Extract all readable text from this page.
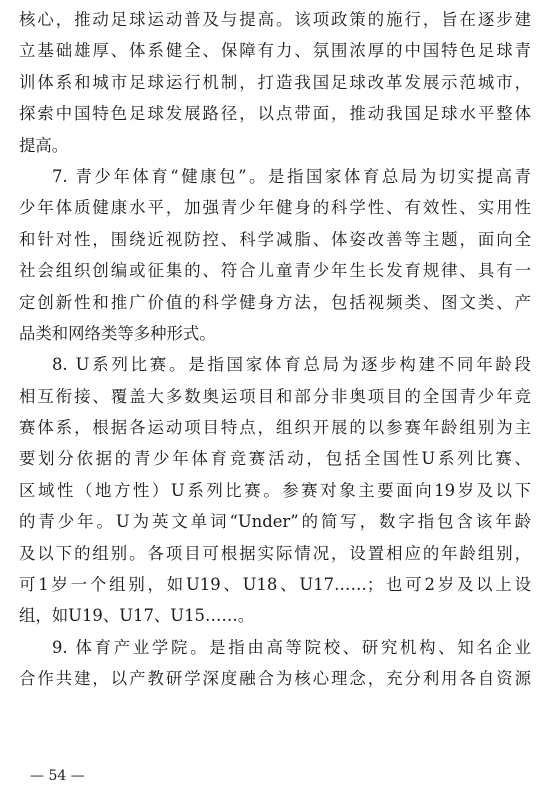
核心，推动足球运动普及与提高。该项政策的施行，旨在逐步建
立基础雄厚、体系健全、保障有力、氛围浓厚的中国特色足球青
训体系和城市足球运行机制，打造我国足球改革发展示范城市，
探索中国特色足球发展路径，以点带面，推动我国足球水平整体
提高。
7. 青少年体育“健康包”。是指国家体育总局为切实提高青
少年体质健康水平，加强青少年健身的科学性、有效性、实用性
和针对性，围绕近视防控、科学减脂、体姿改善等主题，面向全
社会组织创编或征集的、符合儿童青少年生长发育规律、具有一
定创新性和推广价值的科学健身方法，包括视频类、图文类、产
品类和网络类等多种形式。
8. U系列比赛。是指国家体育总局为逐步构建不同年龄段
相互衔接、覆盖大多数奥运项目和部分非奥项目的全国青少年竞
赛体系，根据各运动项目特点，组织开展的以参赛年龄组别为主
要划分依据的青少年体育竞赛活动，包括全国性U系列比赛、
区域性（地方性）U系列比赛。参赛对象主要面向19岁及以下
的青少年。U为英文单词“Under”的简写，数字指包含该年龄
及以下的组别。各项目可根据实际情况，设置相应的年龄组别，
可1岁一个组别，如U19、U18、U17……；也可2岁及以上设
组，如U19、U17、U15……。
9. 体育产业学院。是指由高等院校、研究机构、知名企业
合作共建，以产教研学深度融合为核心理念，充分利用各自资源
— 54 —
